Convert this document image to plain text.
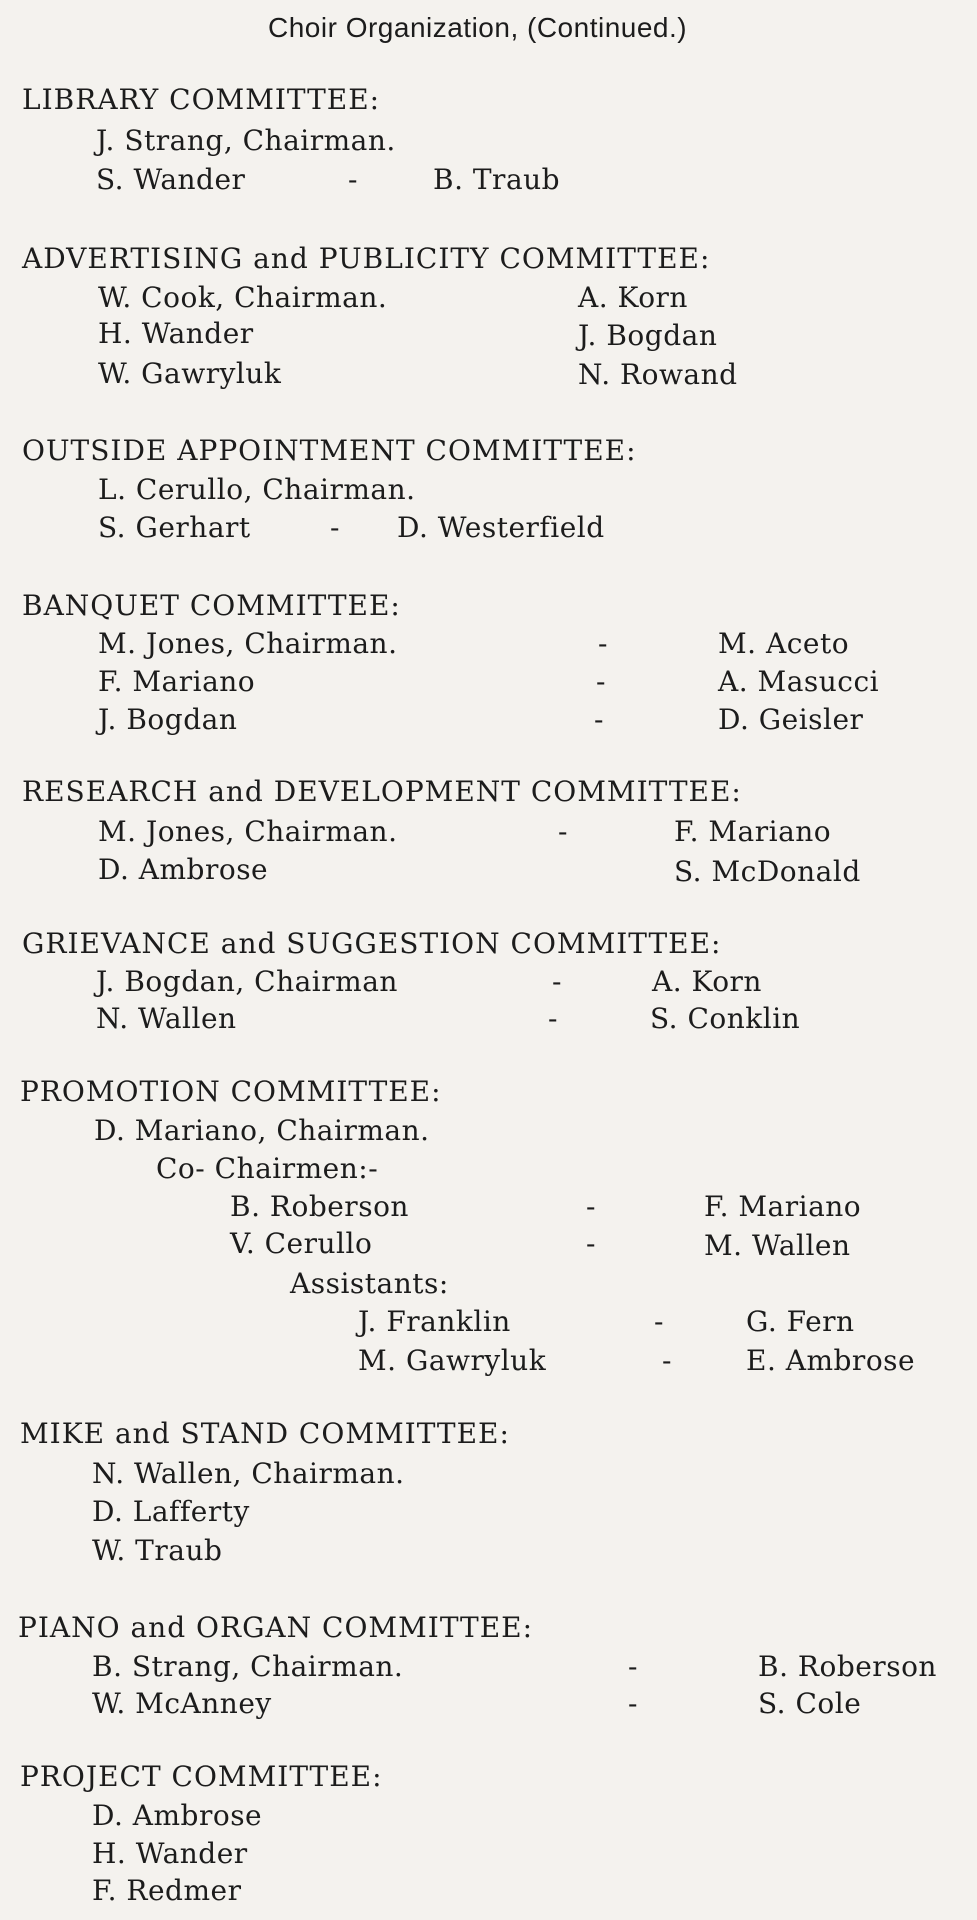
Choir Organization, (Continued.)
LIBRARY COMMITTEE:
J. Strang, Chairman.
S. Wander	-	B. Traub
ADVERTISING and PUBLICITY COMMITTEE:
W. Cook, Chairman.	A. Korn
H. Wander	J. Bogdan
W. Gawryluk	N. Rowand
OUTSIDE APPOINTMENT COMMITTEE:
L. Cerullo, Chairman.
S. Gerhart	- D. Westerfield
BANQUET COMMITTEE:
M. Jones, Chairman.	-	M. Aceto
F. Mariano	-	A. Masucci
J. Bogdan	-	D. Geisler
RESEARCH and DEVELOPMENT COMMITTEE:
M. Jones, Chairman.	-	F. Mariano
D. Ambrose	S. McDonald
GRIEVANCE and SUGGESTION COMMITTEE:
J. Bogdan, Chairman	-	A. Korn
N. Wallen	-	S. Conklin
PROMOTION COMMITTEE:
D. Mariano, Chairman.
Co- Chairmen:-
B. Roberson	-	F. Mariano
V. Cerullo	-	M. Wallen
Assistants:
J. Franklin	-	G. Fern
M. Gawryluk	-	E. Ambrose
MIKE and STAND COMMITTEE:
N. Wallen, Chairman.
D. Lafferty
W. Traub
PIANO and ORGAN COMMITTEE:
B. Strang, Chairman.	-	B. Roberson
W. McAnney	-	S. Cole
PROJECT COMMITTEE:
D. Ambrose
H. Wander
F. Redmer
